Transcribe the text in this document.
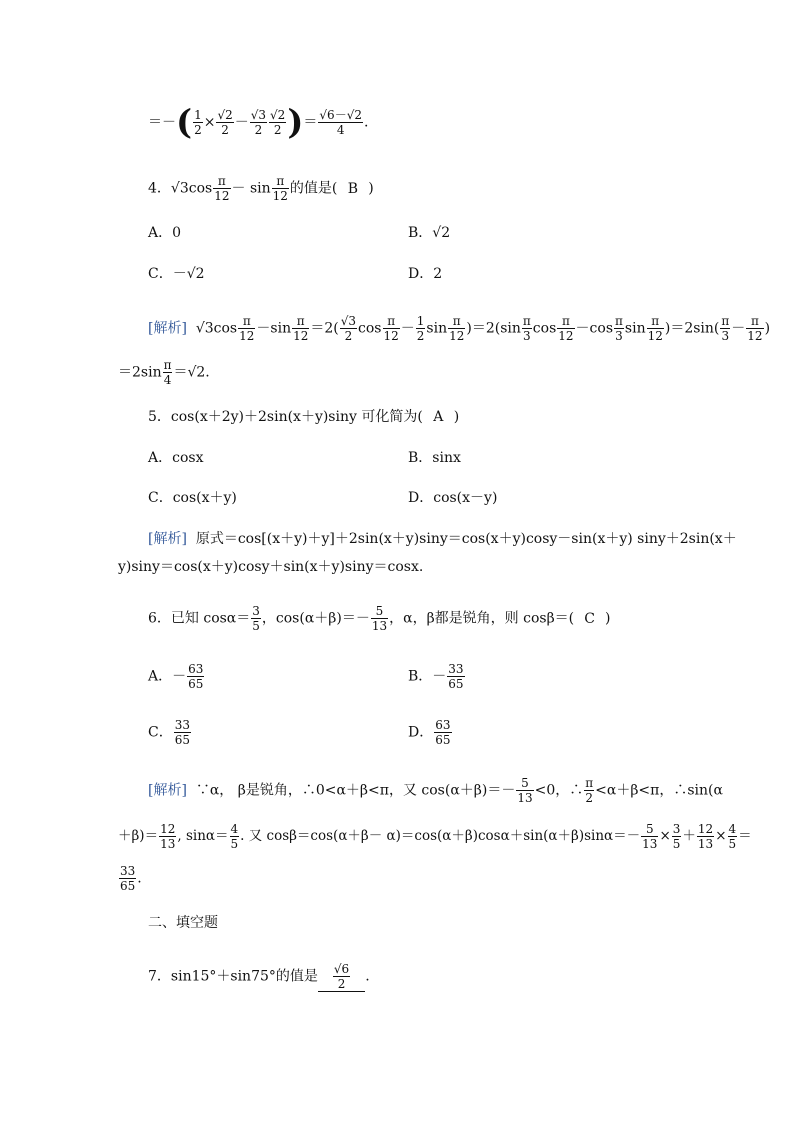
＝－( $\frac{1}{2} \times \frac{√2}{2} - \frac{√3}{2} \frac{√2}{2}$ )＝ $\frac{√6-√2}{4}$ .
4．$√3\cos \frac{\pi}{12} - \sin \frac{\pi}{12}$ 的值是( B )
A．0	B．√2
C．－√2	D．2
[解析]  $√3\cos \frac{\pi}{12} -\sin \frac{\pi}{12} =2( \frac{√3}{2}$ $\cos \frac{\pi}{12} - \frac{1}{2}$ $\sin \frac{\pi}{12} )=2(\sin \frac{\pi}{3}$ $\cos \frac{\pi}{12} -\cos \frac{\pi}{3}$ $\sin \frac{\pi}{12} )=2\sin( \frac{\pi}{3} - \frac{\pi}{12}$ )
$=2\sin \frac{\pi}{4} =√2$.
5．cos(x＋2y)＋2sin(x＋y)siny 可化简为( A )
A．cosx	B．sinx
C．cos(x＋y)	D．cos(x－y)
[解析] 原式＝cos[(x＋y)＋y]＋2sin(x＋y)siny＝cos(x＋y)cosy－sin(x＋y) siny＋2sin(x＋
y)siny＝cos(x＋y)cosy＋sin(x＋y)siny＝cosx.
6．已知 $\cos\alpha= \frac{3}{5}$ ，$\cos(\alpha+\beta)=- \frac{5}{13}$ ，α，β都是锐角，则 cosβ＝( C )
A．－ $\frac{63}{65}$	B．－ $\frac{33}{65}$
C． $\frac{33}{65}$	D． $\frac{63}{65}$
[解析] ∵α， β是锐角，∴0<α＋β<π，又 $\cos(\alpha+\beta)=- \frac{5}{13} <0$，∴ $\frac{\pi}{2} <\alpha+\beta<\pi$，∴sin(α
$+\beta)= \frac{12}{13}$ , $\sin\alpha= \frac{4}{5}$ . 又 $\cos\beta=\cos(\alpha+\beta- \alpha)=\cos(\alpha+\beta)\cos\alpha+\sin(\alpha+\beta)\sin\alpha=- \frac{5}{13} \times \frac{3}{5} + \frac{12}{13} \times \frac{4}{5}$ ＝
$\frac{33}{65}$ .
二、填空题
7．sin15°＋sin75°的值是 $\frac{√6}{2}$ .
